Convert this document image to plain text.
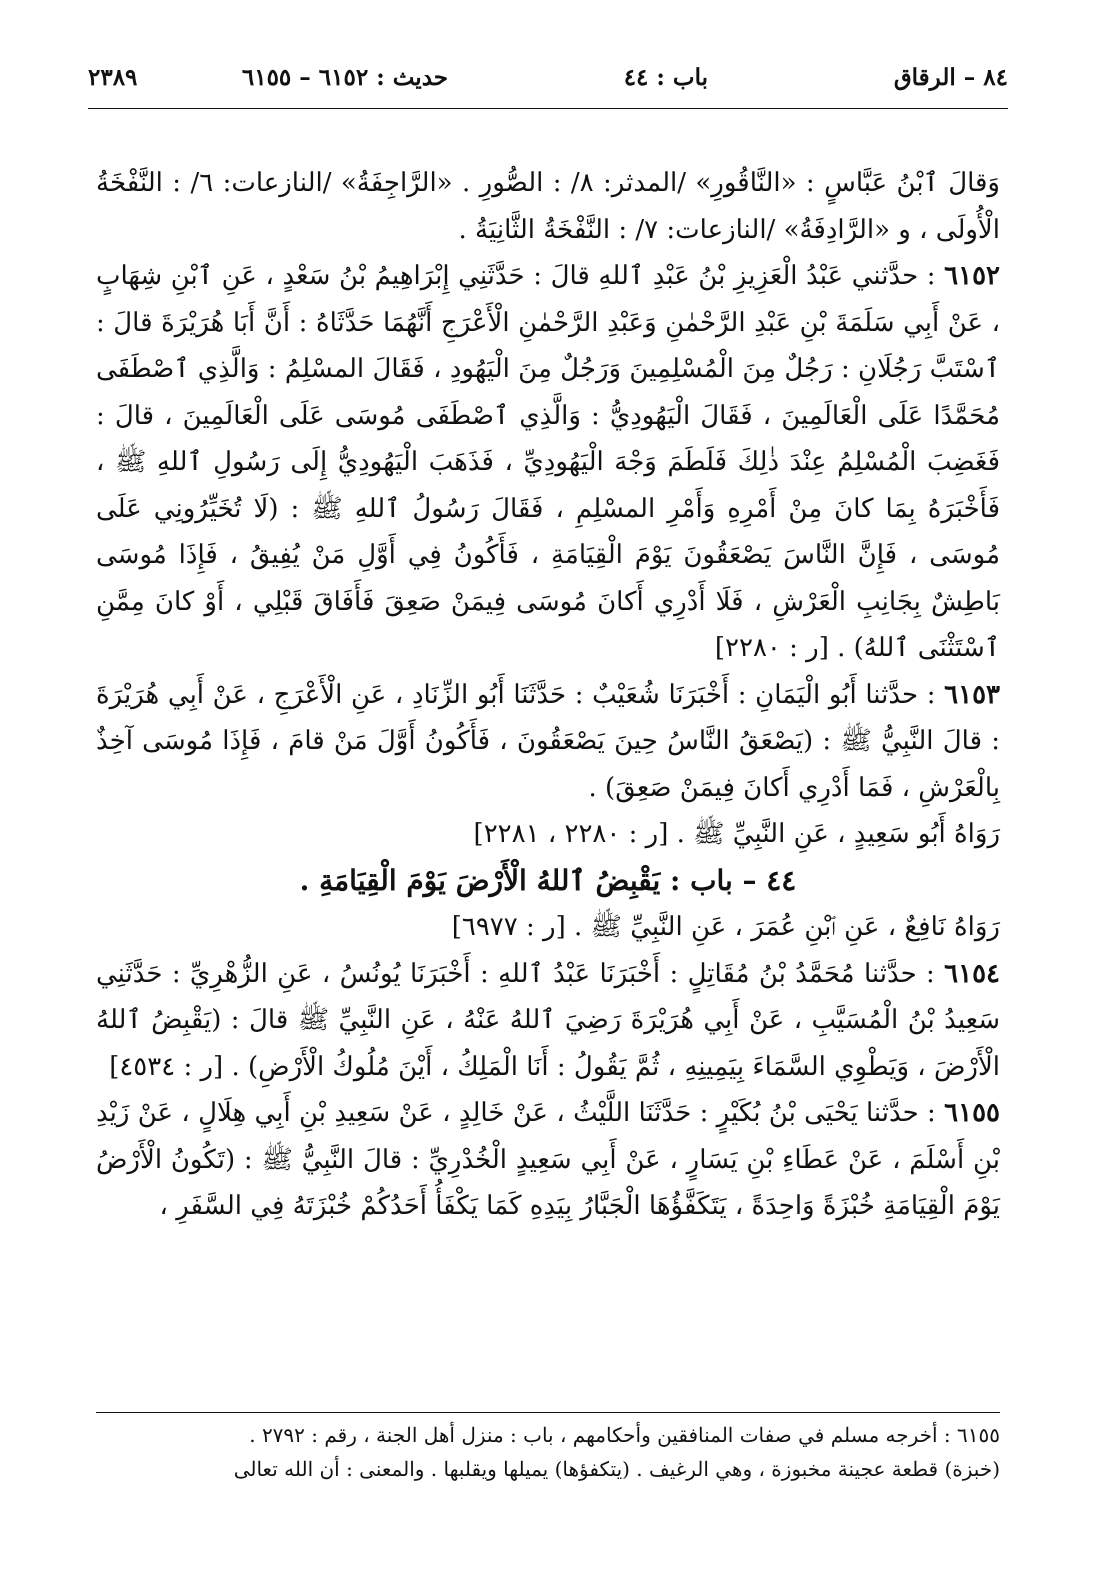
٨٤ – الرقاق
باب : ٤٤
حديث : ٦١٥٢ – ٦١٥٥
٢٣٨٩

وَقالَ ٱبْنُ عَبَّاسٍ : «النَّاقُورِ» /المدثر: ٨/ : الصُّورِ . «الرَّاجِفَةُ» /النازعات: ٦/ : النَّفْخَةُ الْأُولَى ، و «الرَّادِفَةُ» /النازعات: ٧/ : النَّفْخَةُ الثَّانِيَةُ .

٦١٥٢ : حدَّثني عَبْدُ الْعَزِيزِ بْنُ عَبْدِ ٱللهِ قالَ : حَدَّثَنِي إِبْرَاهِيمُ بْنُ سَعْدٍ ، عَنِ ٱبْنِ شِهَابٍ ، عَنْ أَبِي سَلَمَةَ بْنِ عَبْدِ الرَّحْمٰنِ وَعَبْدِ الرَّحْمٰنِ الْأَعْرَجِ أَنَّهُمَا حَدَّثَاهُ : أَنَّ أَبَا هُرَيْرَةَ قالَ : ٱسْتَبَّ رَجُلَانِ : رَجُلٌ مِنَ الْمُسْلِمِينَ وَرَجُلٌ مِنَ الْيَهُودِ ، فَقَالَ المسْلِمُ : وَالَّذِي ٱصْطَفَى مُحَمَّدًا عَلَى الْعَالَمِينَ ، فَقَالَ الْيَهُودِيُّ : وَالَّذِي ٱصْطَفَى مُوسَى عَلَى الْعَالَمِينَ ، قالَ : فَغَضِبَ الْمُسْلِمُ عِنْدَ ذٰلِكَ فَلَطَمَ وَجْهَ الْيَهُودِيِّ ، فَذَهَبَ الْيَهُودِيُّ إِلَى رَسُولِ ٱللهِ ﷺ ، فَأَخْبَرَهُ بِمَا كانَ مِنْ أَمْرِهِ وَأَمْرِ المسْلِمِ ، فَقَالَ رَسُولُ ٱللهِ ﷺ : (لَا تُخَيِّرُونِي عَلَى مُوسَى ، فَإِنَّ النَّاسَ يَصْعَقُونَ يَوْمَ الْقِيَامَةِ ، فَأَكُونُ فِي أَوَّلِ مَنْ يُفِيقُ ، فَإِذَا مُوسَى بَاطِشٌ بِجَانِبِ الْعَرْشِ ، فَلَا أَدْرِي أَكانَ مُوسَى فِيمَنْ صَعِقَ فَأَفَاقَ قَبْلِي ، أَوْ كانَ مِمَّنِ ٱسْتَثْنَى ٱللهُ) . [ر : ٢٢٨٠]

٦١٥٣ : حدَّثنا أَبُو الْيَمَانِ : أَخْبَرَنَا شُعَيْبٌ : حَدَّثَنَا أَبُو الزِّنَادِ ، عَنِ الْأَعْرَجِ ، عَنْ أَبِي هُرَيْرَةَ : قالَ النَّبِيُّ ﷺ : (يَصْعَقُ النَّاسُ حِينَ يَصْعَقُونَ ، فَأَكُونُ أَوَّلَ مَنْ قامَ ، فَإِذَا مُوسَى آخِذٌ بِالْعَرْشِ ، فَمَا أَدْرِي أَكانَ فِيمَنْ صَعِقَ) .

رَوَاهُ أَبُو سَعِيدٍ ، عَنِ النَّبِيِّ ﷺ . [ر : ٢٢٨٠ ، ٢٢٨١]

٤٤ – باب : يَقْبِضُ ٱللهُ الْأَرْضَ يَوْمَ الْقِيَامَةِ .

رَوَاهُ نَافِعٌ ، عَنِ ٱبْنِ عُمَرَ ، عَنِ النَّبِيِّ ﷺ . [ر : ٦٩٧٧]

٦١٥٤ : حدَّثنا مُحَمَّدُ بْنُ مُقَاتِلٍ : أَخْبَرَنَا عَبْدُ ٱللهِ : أَخْبَرَنَا يُونُسُ ، عَنِ الزُّهْرِيِّ : حَدَّثَنِي سَعِيدُ بْنُ الْمُسَيَّبِ ، عَنْ أَبِي هُرَيْرَةَ رَضِيَ ٱللهُ عَنْهُ ، عَنِ النَّبِيِّ ﷺ قالَ : (يَقْبِضُ ٱللهُ الْأَرْضَ ، وَيَطْوِي السَّمَاءَ بِيَمِينِهِ ، ثُمَّ يَقُولُ : أَنَا الْمَلِكُ ، أَيْنَ مُلُوكُ الْأَرْضِ) . [ر : ٤٥٣٤]

٦١٥٥ : حدَّثنا يَحْيَى بْنُ بُكَيْرٍ : حَدَّثَنَا اللَّيْثُ ، عَنْ خَالِدٍ ، عَنْ سَعِيدِ بْنِ أَبِي هِلَالٍ ، عَنْ زَيْدِ بْنِ أَسْلَمَ ، عَنْ عَطَاءِ بْنِ يَسَارٍ ، عَنْ أَبِي سَعِيدٍ الْخُدْرِيِّ : قالَ النَّبِيُّ ﷺ : (تَكُونُ الْأَرْضُ يَوْمَ الْقِيَامَةِ خُبْزَةً وَاحِدَةً ، يَتَكَفَّؤُهَا الْجَبَّارُ بِيَدِهِ كَمَا يَكْفَأُ أَحَدُكُمْ خُبْزَتَهُ فِي السَّفَرِ ،

٦١٥٥ : أخرجه مسلم في صفات المنافقين وأحكامهم ، باب : منزل أهل الجنة ، رقم : ٢٧٩٢ .
(خبزة) قطعة عجينة مخبوزة ، وهي الرغيف . (يتكفؤها) يميلها ويقلبها . والمعنى : أن الله تعالى
